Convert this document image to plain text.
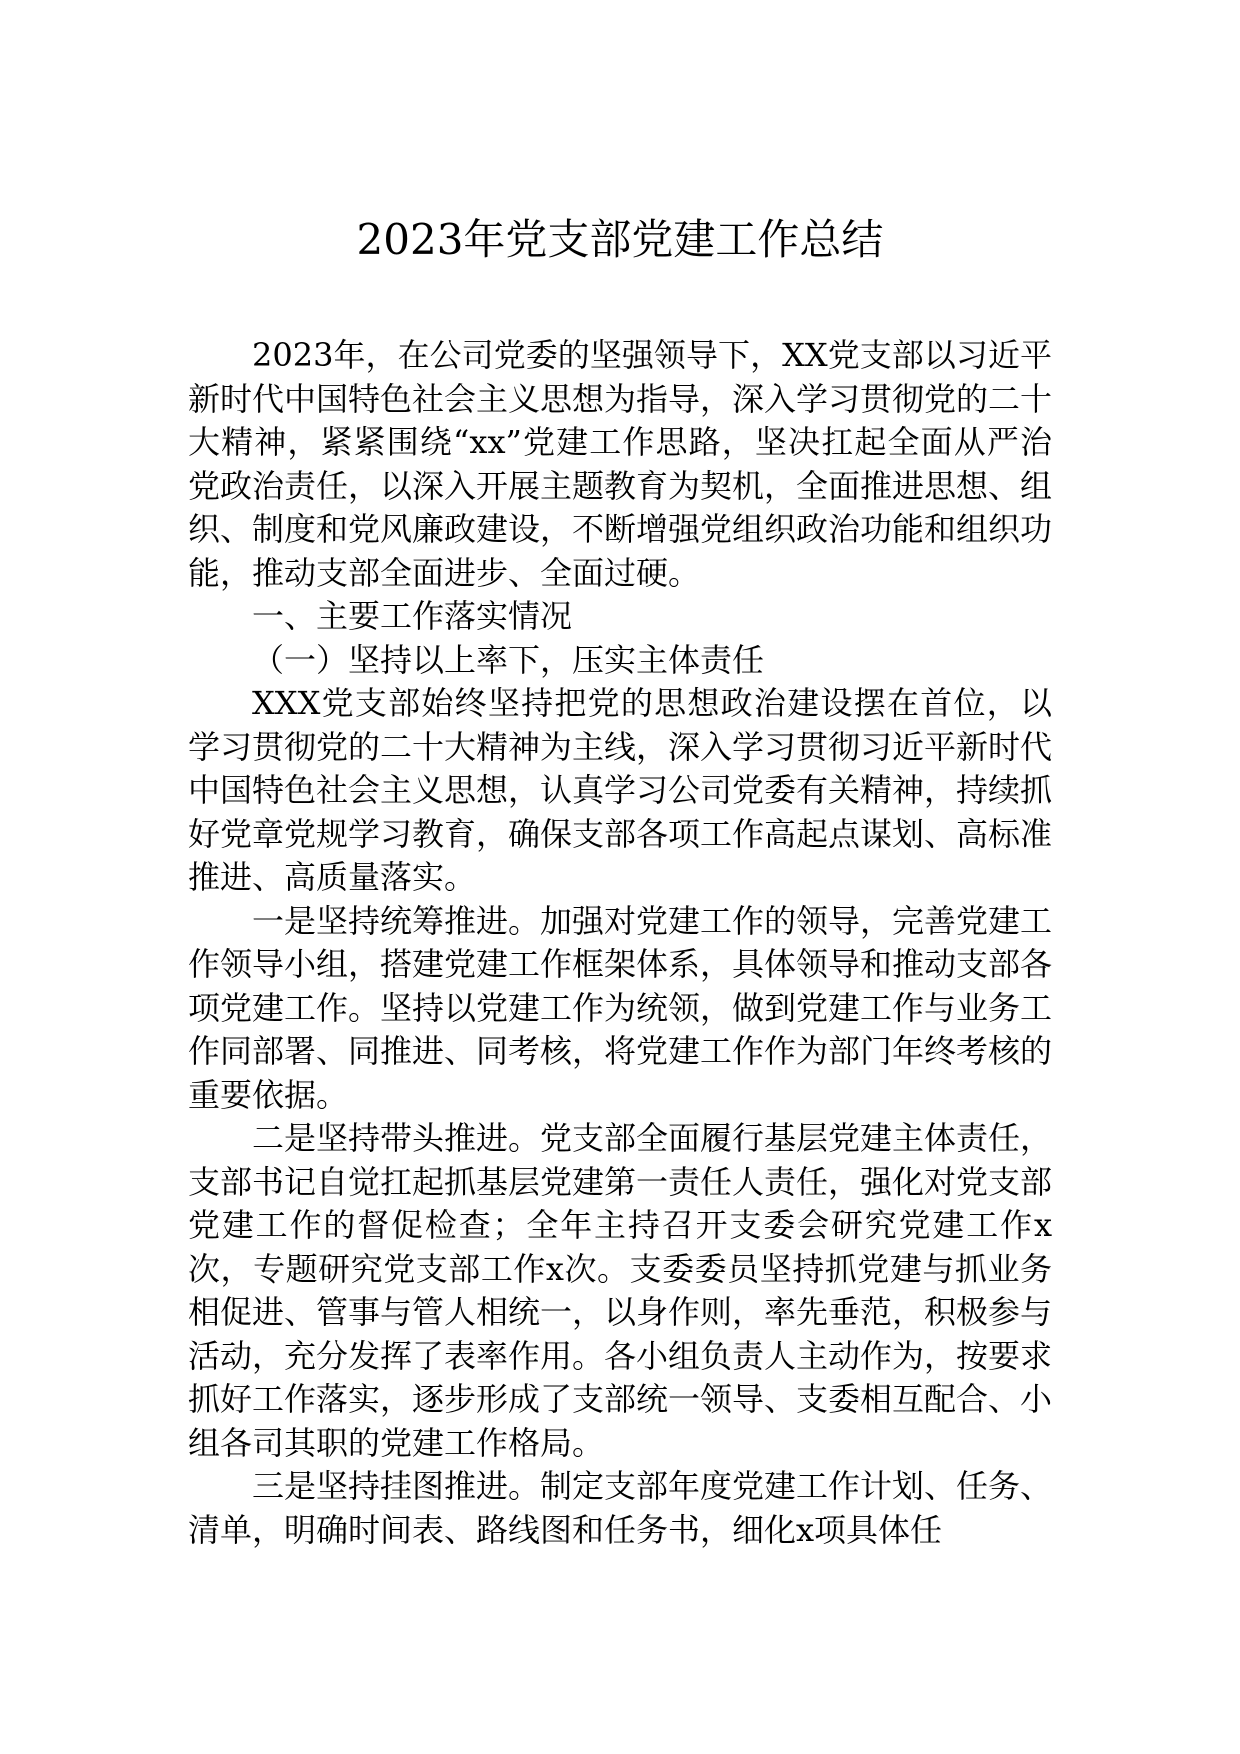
2023年党支部党建工作总结

2023年，在公司党委的坚强领导下，XX党支部以习近平新时代中国特色社会主义思想为指导，深入学习贯彻党的二十大精神，紧紧围绕“xx”党建工作思路，坚决扛起全面从严治党政治责任，以深入开展主题教育为契机，全面推进思想、组织、制度和党风廉政建设，不断增强党组织政治功能和组织功能，推动支部全面进步、全面过硬。

一、主要工作落实情况

（一）坚持以上率下，压实主体责任

XXX党支部始终坚持把党的思想政治建设摆在首位，以学习贯彻党的二十大精神为主线，深入学习贯彻习近平新时代中国特色社会主义思想，认真学习公司党委有关精神，持续抓好党章党规学习教育，确保支部各项工作高起点谋划、高标准推进、高质量落实。

一是坚持统筹推进。加强对党建工作的领导，完善党建工作领导小组，搭建党建工作框架体系，具体领导和推动支部各项党建工作。坚持以党建工作为统领，做到党建工作与业务工作同部署、同推进、同考核，将党建工作作为部门年终考核的重要依据。

二是坚持带头推进。党支部全面履行基层党建主体责任，支部书记自觉扛起抓基层党建第一责任人责任，强化对党支部党建工作的督促检查；全年主持召开支委会研究党建工作x次，专题研究党支部工作x次。支委委员坚持抓党建与抓业务相促进、管事与管人相统一，以身作则，率先垂范，积极参与活动，充分发挥了表率作用。各小组负责人主动作为，按要求抓好工作落实，逐步形成了支部统一领导、支委相互配合、小组各司其职的党建工作格局。

三是坚持挂图推进。制定支部年度党建工作计划、任务、清单，明确时间表、路线图和任务书，细化x项具体任
